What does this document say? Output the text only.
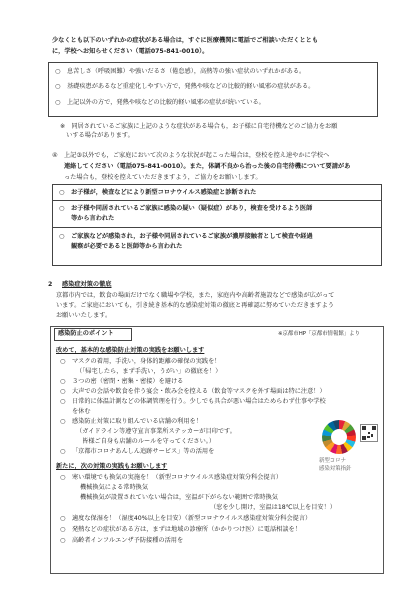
少なくとも以下のいずれかの症状がある場合は，すぐに医療機関に電話でご相談いただくととも
に，学校へお知らせください（電話075-841-0010）。
○ 息苦しさ（呼吸困難）や強いだるさ（倦怠感），高熱等の強い症状のいずれかがある。
○ 基礎疾患があるなど重症化しやすい方で，発熱や咳などの比較的軽い風邪の症状がある。
○ 上記以外の方で，発熱や咳などの比較的軽い風邪の症状が続いている。
※　同居されているご家族に上記のような症状がある場合も，お子様に自宅待機などのご協力をお願
　いする場合があります。
④ 上記③以外でも，ご家庭において次のような状況が起こった場合は，登校を控え速やかに学校へ
連絡してください（電話075-841-0010）。また，体調不良から治った後の自宅待機について要請があ
った場合も，登校を控えていただきますよう，ご協力をお願いします。
○ お子様が，検査などにより新型コロナウイルス感染症と診断された
○ お子様や同居されているご家族に感染の疑い（疑似症）があり，検査を受けるよう医師
等から言われた
○ ご家族などが感染され，お子様や同居されているご家族が濃厚接触者として検査や経過
観察が必要であると医師等から言われた
2 感染症対策の徹底
京都市内では，飲食の場面だけでなく職場や学校，また，家庭内や高齢者施設などで感染が広がって
います。ご家庭においても，引き続き基本的な感染症対策の徹底と再確認に努めていただきますよう
お願いいたします。
感染防止のポイント	※京都市HP「京都市情報館」より
改めて，基本的な感染防止対策の実践をお願いします
○ マスクの着用，手洗い，身体的距離の確保の実践を！
（「帰宅したら，まず手洗い，うがい」の徹底を！）
○ ３つの密（密閉・密集・密接）を避ける
○ 大声での会話や飲食を伴う宴会・飲み会を控える（飲食等マスクを外す場面は特に注意！）
○ 日常的に体温計測などの体調管理を行う。少しでも具合が悪い場合はためらわず仕事や学校
を休む
○ 感染防止対策に取り組んでいる店舗の利用を！
（ガイドライン等遵守宣言事業所ステッカーが目印です。
　皆様ご自身も店舗のルールを守ってください。）
○ 「京都市コロナあんしん追跡サービス」等の活用を
新型コロナ
感染対策指針
新たに，次の対策の実践もお願いします
○ 寒い環境でも換気の実施を！（新型コロナウイルス感染症対策分科会提言）
機械換気による常時換気
機械換気が設置されていない場合は，室温が下がらない範囲で常時換気
（窓を少し開け，室温は18℃以上を目安！）
○ 適度な保湿を！（湿度40%以上を目安）（新型コロナウイルス感染症対策分科会提言）
○ 発熱などの症状がある方は，まずは地域の診療所（かかりつけ医）に電話相談を！
○ 高齢者インフルエンザ予防接種の活用を
